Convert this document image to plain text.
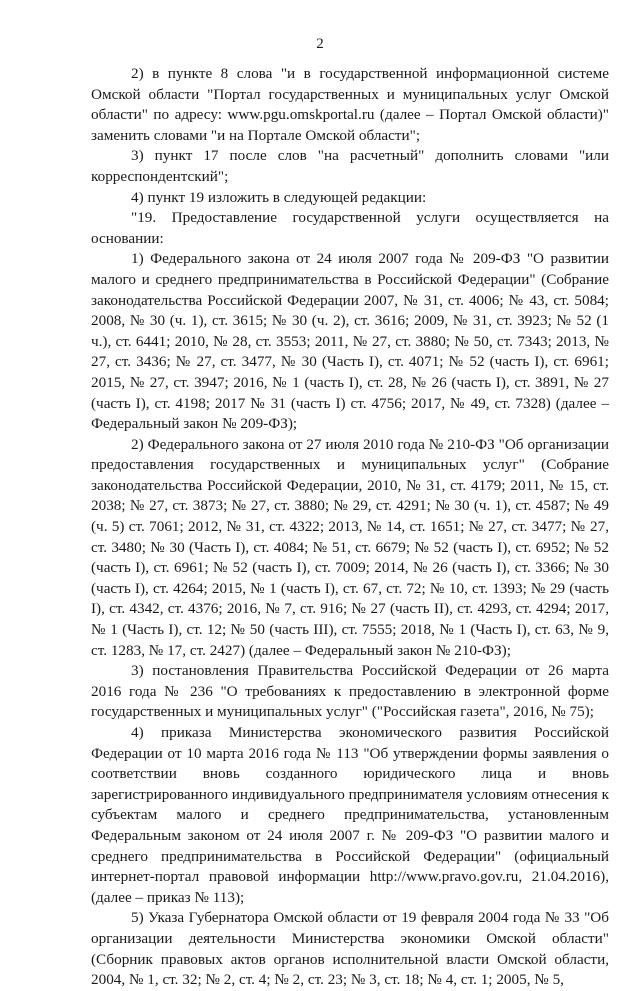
2

2) в пункте 8 слова "и в государственной информационной системе Омской области "Портал государственных и муниципальных услуг Омской области" по адресу: www.pgu.omskportal.ru (далее – Портал Омской области)" заменить словами "и на Портале Омской области";

3) пункт 17 после слов "на расчетный" дополнить словами "или корреспондентский";

4) пункт 19 изложить в следующей редакции:

"19. Предоставление государственной услуги осуществляется на основании:

1) Федерального закона от 24 июля 2007 года № 209-ФЗ "О развитии малого и среднего предпринимательства в Российской Федерации" (Собрание законодательства Российской Федерации 2007, № 31, ст. 4006; № 43, ст. 5084; 2008, № 30 (ч. 1), ст. 3615; № 30 (ч. 2), ст. 3616; 2009, № 31, ст. 3923; № 52 (1 ч.), ст. 6441; 2010, № 28, ст. 3553; 2011, № 27, ст. 3880; № 50, ст. 7343; 2013, № 27, ст. 3436; № 27, ст. 3477, № 30 (Часть I), ст. 4071; № 52 (часть I), ст. 6961; 2015, № 27, ст. 3947; 2016, № 1 (часть I), ст. 28, № 26 (часть I), ст. 3891, № 27 (часть I), ст. 4198; 2017 № 31 (часть I) ст. 4756; 2017, № 49, ст. 7328) (далее – Федеральный закон № 209-ФЗ);

2) Федерального закона от 27 июля 2010 года № 210-ФЗ "Об организации предоставления государственных и муниципальных услуг" (Собрание законодательства Российской Федерации, 2010, № 31, ст. 4179; 2011, № 15, ст. 2038; № 27, ст. 3873; № 27, ст. 3880; № 29, ст. 4291; № 30 (ч. 1), ст. 4587; № 49 (ч. 5) ст. 7061; 2012, № 31, ст. 4322; 2013, № 14, ст. 1651; № 27, ст. 3477; № 27, ст. 3480; № 30 (Часть I), ст. 4084; № 51, ст. 6679; № 52 (часть I), ст. 6952; № 52 (часть I), ст. 6961; № 52 (часть I), ст. 7009; 2014, № 26 (часть I), ст. 3366; № 30 (часть I), ст. 4264; 2015, № 1 (часть I), ст. 67, ст. 72; № 10, ст. 1393; № 29 (часть I), ст. 4342, ст. 4376; 2016, № 7, ст. 916; № 27 (часть II), ст. 4293, ст. 4294; 2017, № 1 (Часть I), ст. 12; № 50 (часть III), ст. 7555; 2018, № 1 (Часть I), ст. 63, № 9, ст. 1283, № 17, ст. 2427) (далее – Федеральный закон № 210-ФЗ);

3) постановления Правительства Российской Федерации от 26 марта 2016 года № 236 "О требованиях к предоставлению в электронной форме государственных и муниципальных услуг" ("Российская газета", 2016, № 75);

4) приказа Министерства экономического развития Российской Федерации от 10 марта 2016 года № 113 "Об утверждении формы заявления о соответствии вновь созданного юридического лица и вновь зарегистрированного индивидуального предпринимателя условиям отнесения к субъектам малого и среднего предпринимательства, установленным Федеральным законом от 24 июля 2007 г. № 209-ФЗ "О развитии малого и среднего предпринимательства в Российской Федерации" (официальный интернет-портал правовой информации http://www.pravo.gov.ru, 21.04.2016), (далее – приказ № 113);

5) Указа Губернатора Омской области от 19 февраля 2004 года № 33 "Об организации деятельности Министерства экономики Омской области" (Сборник правовых актов органов исполнительной власти Омской области, 2004, № 1, ст. 32; № 2, ст. 4; № 2, ст. 23; № 3, ст. 18; № 4, ст. 1; 2005, № 5,
